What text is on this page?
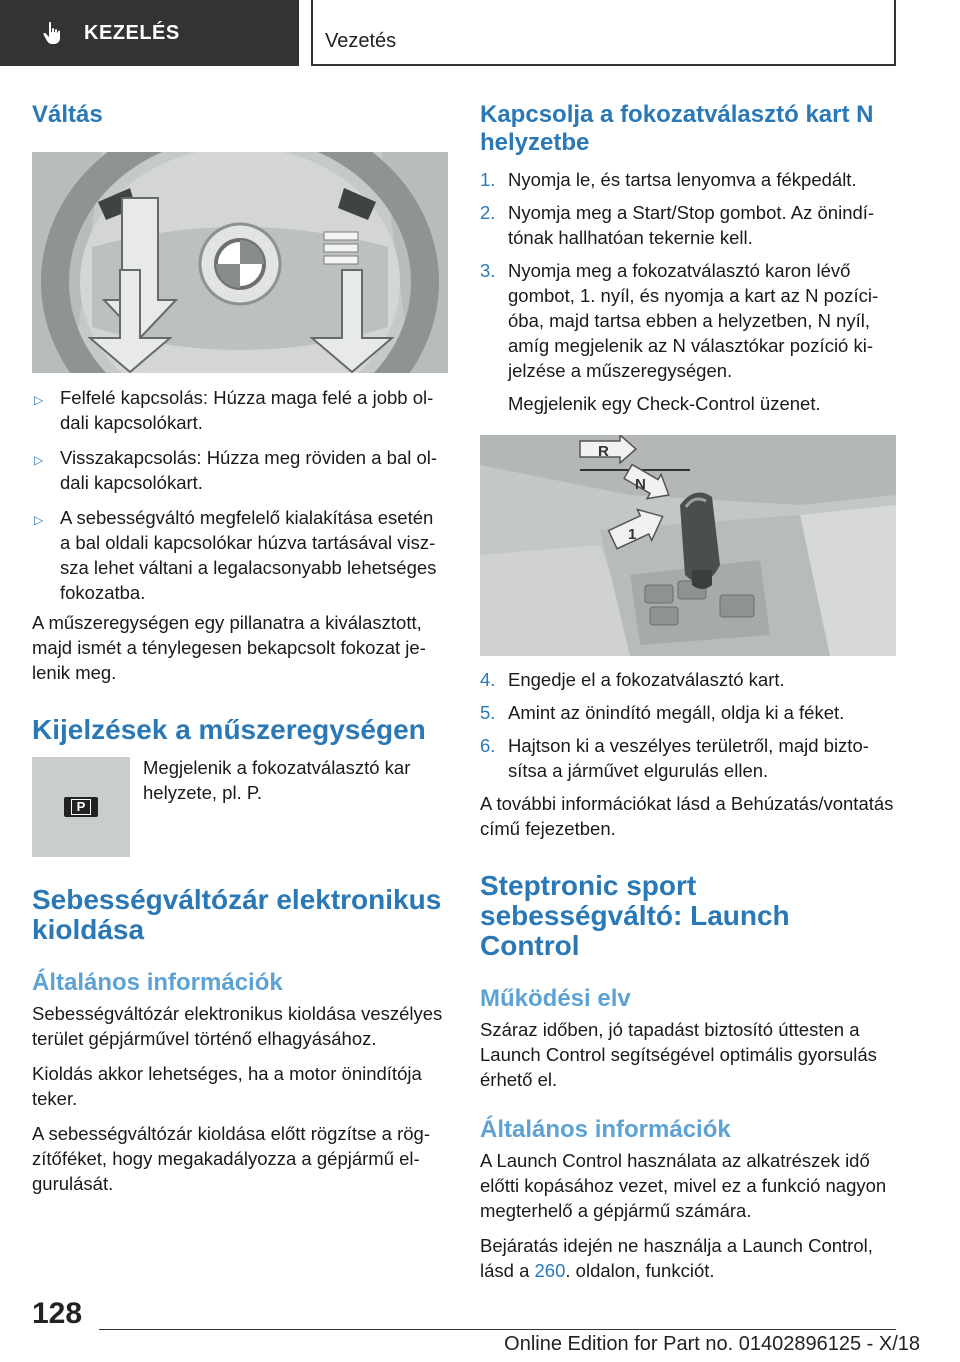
KEZELÉS	Vezetés
Váltás
▷ Felfelé kapcsolás: Húzza maga felé a jobb oldali kapcsolókart.
▷ Visszakapcsolás: Húzza meg röviden a bal oldali kapcsolókart.
▷ A sebességváltó megfelelő kialakítása esetén a bal oldali kapcsolókar húzva tartásával viszsza lehet váltani a legalacsonyabb lehetséges fokozatba.

A műszeregységen egy pillanatra a kiválasztott, majd ismét a ténylegesen bekapcsolt fokozat jelenik meg.

Kijelzések a műszeregységen
P

Megjelenik a fokozatválasztó kar helyzete, pl. P.

Sebességváltózár elektronikus kioldása
Általános információk

Sebességváltózár elektronikus kioldása veszélyes terület gépjárművel történő elhagyásához.

Kioldás akkor lehetséges, ha a motor önindítója teker.

A sebességváltózár kioldása előtt rögzítse a rögzítőféket, hogy megakadályozza a gépjármű elgurulását.

Kapcsolja a fokozatválasztó kart N helyzetbe
1. Nyomja le, és tartsa lenyomva a fékpedált.
2. Nyomja meg a Start/Stop gombot. Az önindítónak hallhatóan tekernie kell.
3. Nyomja meg a fokozatválasztó karon lévő gombot, 1. nyíl, és nyomja a kart az N pozícióba, majd tartsa ebben a helyzetben, N nyíl, amíg megjelenik az N választókar pozíció kijelzése a műszeregységen.

Megjelenik egy Check-Control üzenet.

R
N
1
4. Engedje el a fokozatválasztó kart.
5. Amint az önindító megáll, oldja ki a féket.
6. Hajtson ki a veszélyes területről, majd biztosítsa a járművet elgurulás ellen.

A további információkat lásd a Behúzatás/vontatás című fejezetben.

Steptronic sport sebességváltó: Launch Control
Működési elv

Száraz időben, jó tapadást biztosító úttesten a Launch Control segítségével optimális gyorsulás érhető el.

Általános információk

A Launch Control használata az alkatrészek idő előtti kopásához vezet, mivel ez a funkció nagyon megterhelő a gépjármű számára.

Bejáratás idején ne használja a Launch Control, lásd a 260. oldalon, funkciót.

128
Online Edition for Part no. 01402896125 - X/18
